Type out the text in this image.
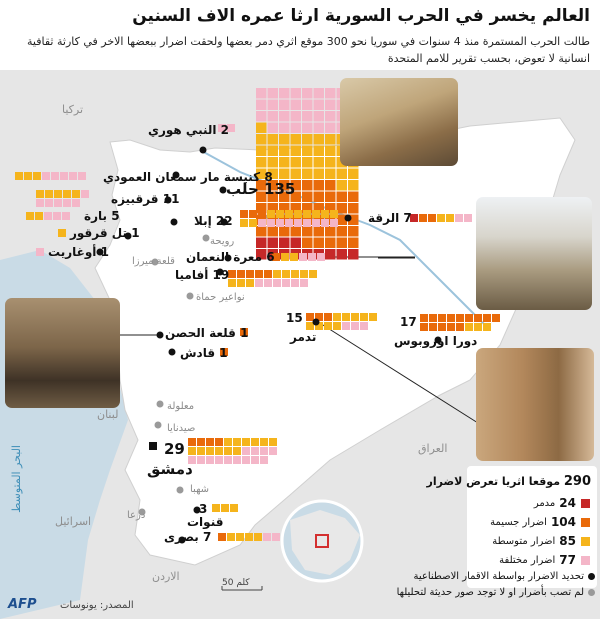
العالم يخسر في الحرب السورية ارثا عمره الاف السنين
طالت الحرب المستمرة منذ 4 سنوات في سوريا نحو 300 موقع اثري دمر بعضها ولحقت اضرار ببعضها الاخر في كارثة ثقافية انسانية لا تعوض، بحسب تقرير للامم المتحدة
تركيا
العراق
لبنان
اسرائيل
الاردن
البحر المتوسط
2 النبي هوري
8 كنيسة مار سمعان العمودي
135 حلب
11 قرقبيزه
5 بارة
1 تل قرقور
1 أوغاريت
22 إبلا	7 الرقة
6 معرة النعمان
19 أفاميا
15
تدمر
17
دورا اوروبوس
1 قلعة الحصن
1 قادش
29
دمشق
3
قنوات
7 بصرى
رويحة
قلعة ميرزا
نواعير حماة
معلولة
صيدنايا
شهبا
درعا
290 موقعا اثريا تعرض لاضرار
24
مدمر
104
اضرار جسيمة
85
اضرار متوسطة
77
اضرار مختلفة
تحديد الاضرار بواسطة الاقمار الاصطناعية
لم تصب بأضرار او لا توجد صور حديثة لتحليلها
50 كلم
المصدر: يونوسات
AFP
